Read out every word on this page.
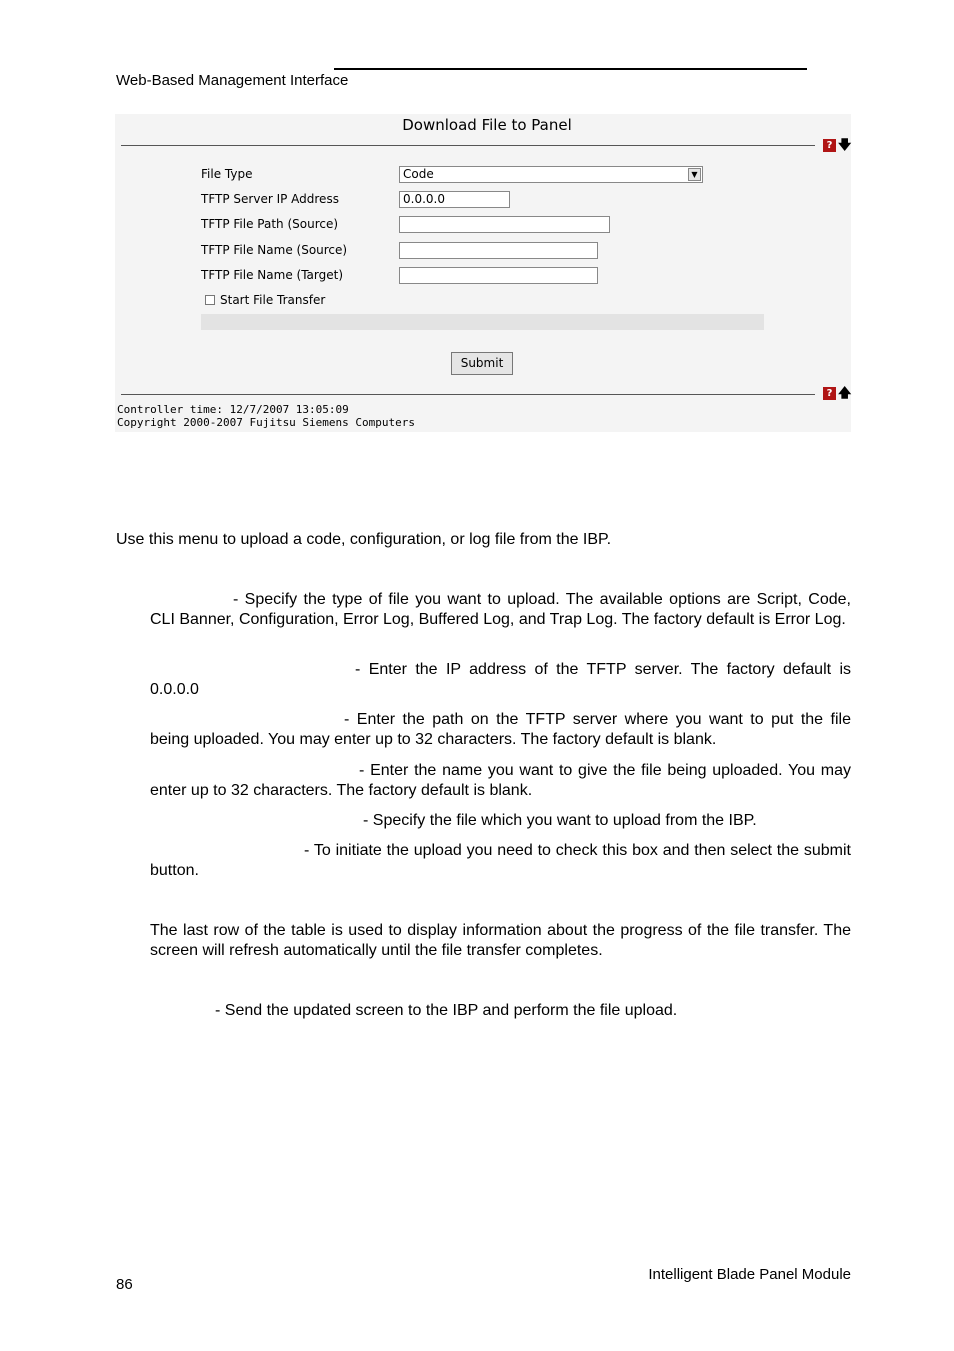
Web-Based Management Interface
Download File to Panel
? 🡇
File Type	Code	▼
TFTP Server IP Address	0.0.0.0
TFTP File Path (Source)
TFTP File Name (Source)
TFTP File Name (Target)
Start File Transfer
Submit
? 🡅
Controller time: 12/7/2007 13:05:09
Copyright 2000-2007 Fujitsu Siemens Computers
Use this menu to upload a code, configuration, or log file from the IBP.
- Specify the type of file you want to upload. The available options are Script, Code, CLI Banner, Configuration, Error Log, Buffered Log, and Trap Log. The factory default is Error Log.
- Enter the IP address of the TFTP server. The factory default is 0.0.0.0
- Enter the path on the TFTP server where you want to put the file being uploaded. You may enter up to 32 characters. The factory default is blank.
- Enter the name you want to give the file being uploaded. You may enter up to 32 characters. The factory default is blank.
- Specify the file which you want to upload from the IBP.
- To initiate the upload you need to check this box and then select the submit button.
The last row of the table is used to display information about the progress of the file transfer. The screen will refresh automatically until the file transfer completes.
- Send the updated screen to the IBP and perform the file upload.
86
Intelligent Blade Panel Module
